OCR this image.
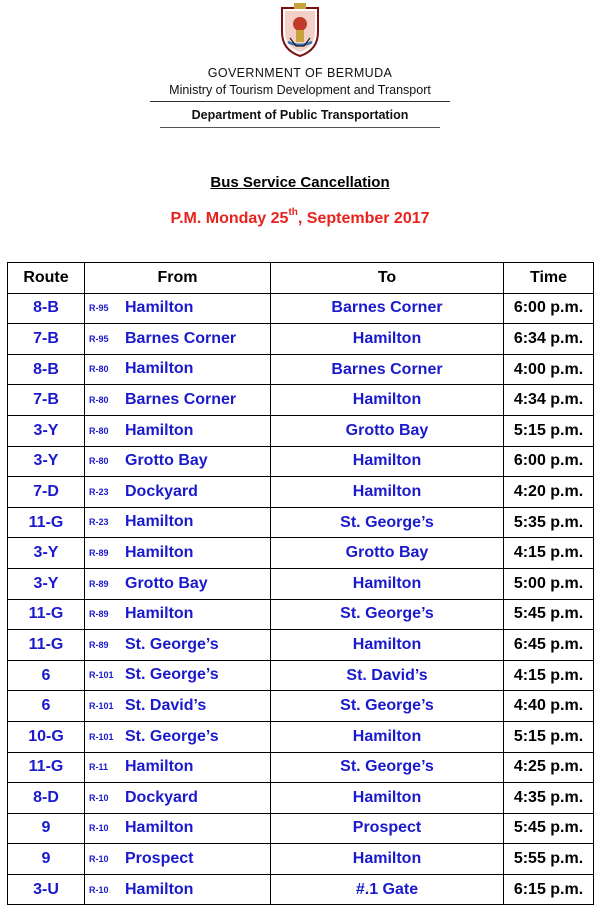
GOVERNMENT OF BERMUDA
Ministry of Tourism Development and Transport
Department of Public Transportation
Bus Service Cancellation
P.M. Monday 25th, September 2017
Route	From	To	Time
8-B	R-95 Hamilton	Barnes Corner	6:00 p.m.
7-B	R-95 Barnes Corner	Hamilton	6:34 p.m.
8-B	R-80 Hamilton	Barnes Corner	4:00 p.m.
7-B	R-80 Barnes Corner	Hamilton	4:34 p.m.
3-Y	R-80 Hamilton	Grotto Bay	5:15 p.m.
3-Y	R-80 Grotto Bay	Hamilton	6:00 p.m.
7-D	R-23 Dockyard	Hamilton	4:20 p.m.
11-G	R-23 Hamilton	St. George’s	5:35 p.m.
3-Y	R-89 Hamilton	Grotto Bay	4:15 p.m.
3-Y	R-89 Grotto Bay	Hamilton	5:00 p.m.
11-G	R-89 Hamilton	St. George’s	5:45 p.m.
11-G	R-89 St. George’s	Hamilton	6:45 p.m.
6	R-101 St. George’s	St. David’s	4:15 p.m.
6	R-101 St. David’s	St. George’s	4:40 p.m.
10-G	R-101 St. George’s	Hamilton	5:15 p.m.
11-G	R-11 Hamilton	St. George’s	4:25 p.m.
8-D	R-10 Dockyard	Hamilton	4:35 p.m.
9	R-10 Hamilton	Prospect	5:45 p.m.
9	R-10 Prospect	Hamilton	5:55 p.m.
3-U	R-10 Hamilton	#.1 Gate	6:15 p.m.
